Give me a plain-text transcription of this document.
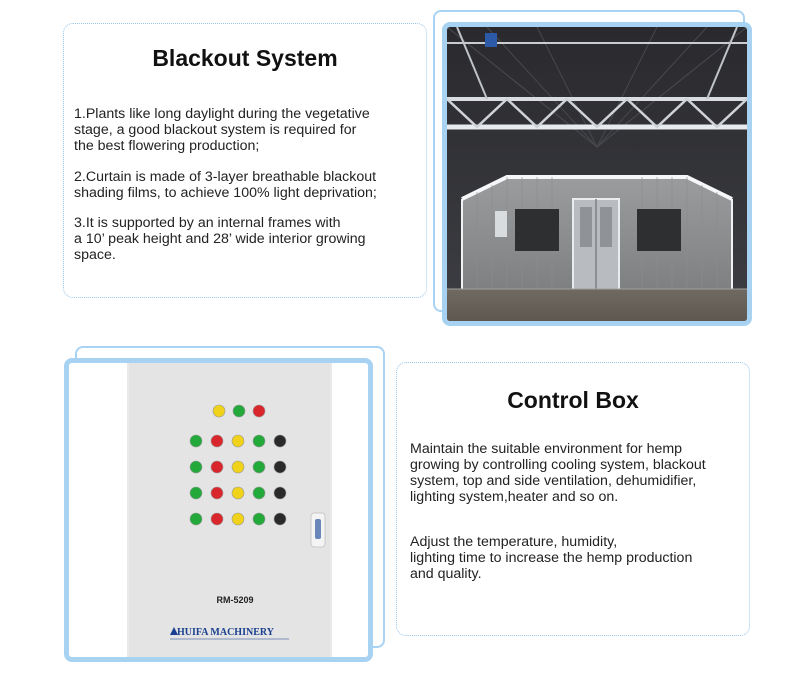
Blackout System

1.Plants like long daylight during the vegetative
stage, a good blackout system is required for
the best flowering production;

2.Curtain is made of 3-layer breathable blackout
shading films, to achieve 100% light deprivation;

3.It is supported by an internal frames with
a 10’ peak height and 28’ wide interior growing
space.

RM-5209
HUIFA MACHINERY
Control Box

Maintain the suitable environment for hemp
growing by controlling cooling system, blackout
system, top and side ventilation, dehumidifier,
lighting system,heater and so on.

Adjust the temperature, humidity,
lighting time to increase the hemp production
and quality.
